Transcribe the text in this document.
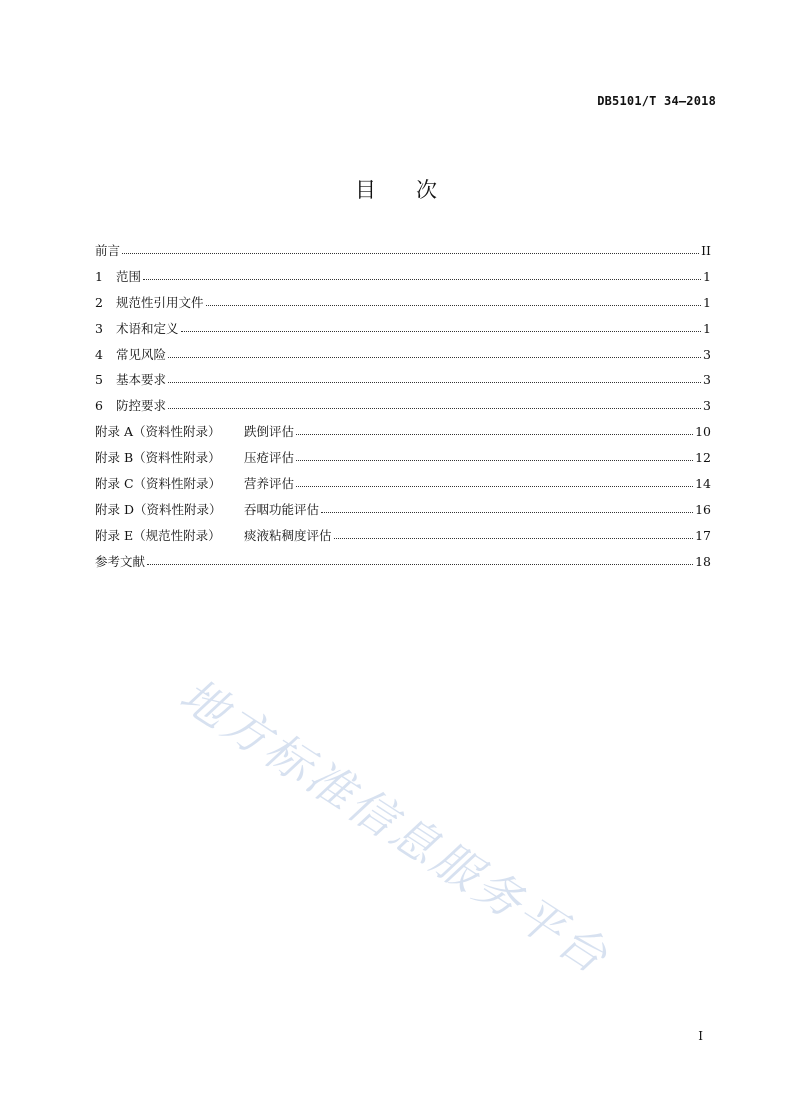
DB5101/T 34—2018
目次
前言	II
1	范围	1
2	规范性引用文件	1
3	术语和定义	1
4	常见风险	3
5	基本要求	3
6	防控要求	3
附录 A（资料性附录）	跌倒评估	10
附录 B（资料性附录）	压疮评估	12
附录 C（资料性附录）	营养评估	14
附录 D（资料性附录）	吞咽功能评估	16
附录 E（规范性附录）	痰液粘稠度评估	17
参考文献	18
地方标准信息服务平台
I
